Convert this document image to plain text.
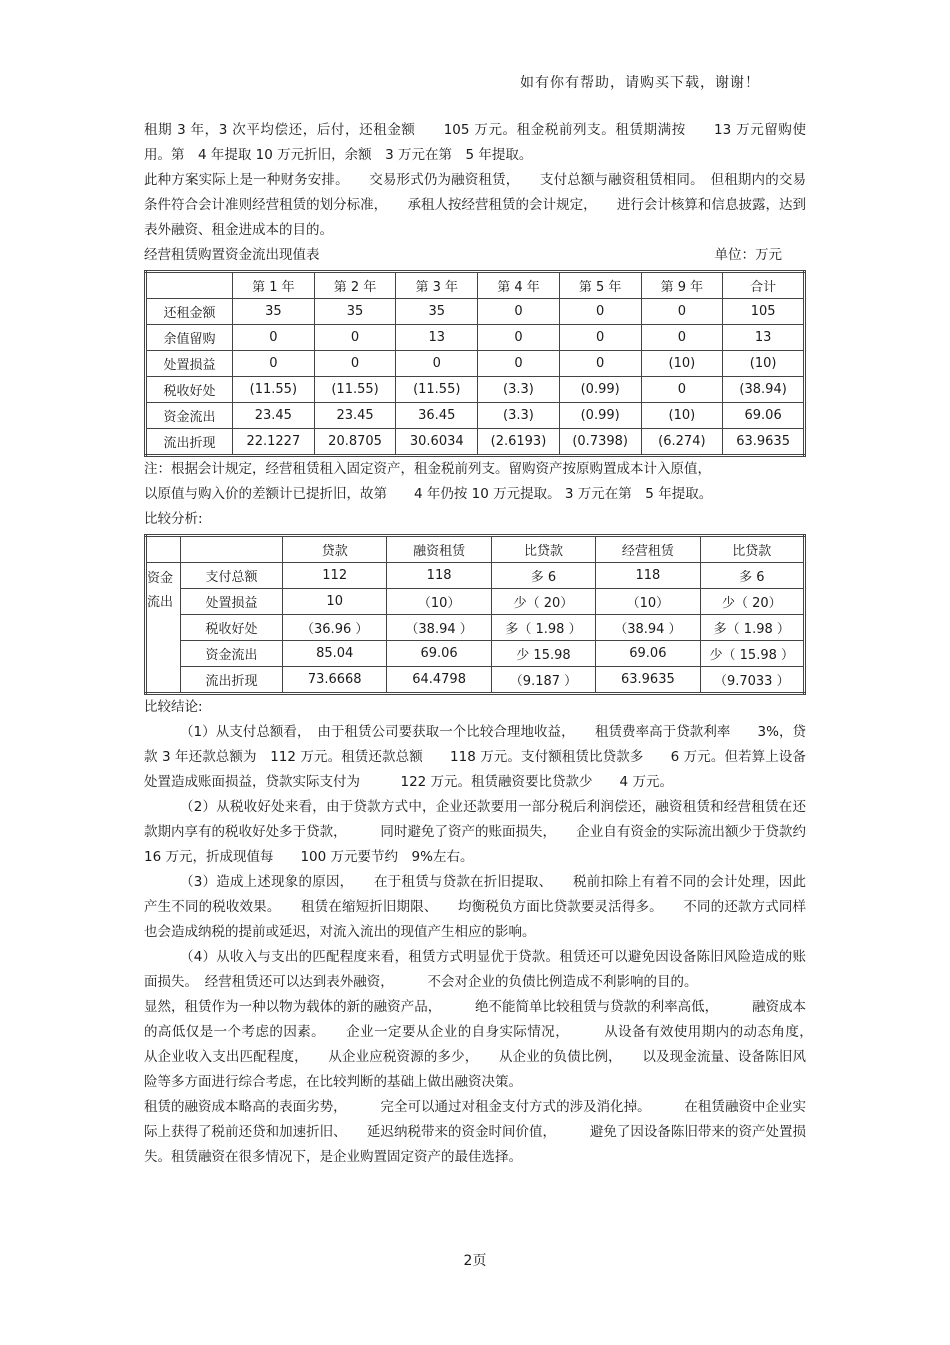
如有你有帮助，请购买下载，谢谢！

租期 3 年，3 次平均偿还，后付，还租金额　　105 万元。租金税前列支。租赁期满按　　13 万元留购使用。第　4 年提取 10 万元折旧，余额　3 万元在第　5 年提取。

此种方案实际上是一种财务安排。　　交易形式仍为融资租赁，　　支付总额与融资租赁相同。　但租期内的交易条件符合会计准则经营租赁的划分标准，　　承租人按经营租赁的会计规定，　　进行会计核算和信息披露，达到表外融资、租金进成本的目的。

经营租赁购置资金流出现值表	单位：万元
	第 1 年	第 2 年	第 3 年	第 4 年	第 5 年	第 9 年	合计
还租金额	35	35	35	0	0	0	105
余值留购	0	0	13	0	0	0	13
处置损益	0	0	0	0	0	(10)	(10)
税收好处	(11.55)	(11.55)	(11.55)	(3.3)	(0.99)	0	(38.94)
资金流出	23.45	23.45	36.45	(3.3)	(0.99)	(10)	69.06
流出折现	22.1227	20.8705	30.6034	(2.6193)	(0.7398)	(6.274)	63.9635

注：根据会计规定，经营租赁租入固定资产，租金税前列支。留购资产按原购置成本计入原值，

以原值与购入价的差额计已提折旧，故第　　4 年仍按 10 万元提取。 3 万元在第　5 年提取。

比较分析:

		贷款	融资租赁	比贷款	经营租赁	比贷款
资金流出	支付总额	112	118	多 6	118	多 6
	处置损益	10	（10）	少（ 20）	（10）	少（ 20）
	税收好处	（36.96 ）	（38.94 ）	多（ 1.98 ）	（38.94 ）	多（ 1.98 ）
	资金流出	85.04	69.06	少 15.98	69.06	少（ 15.98 ）
	流出折现	73.6668	64.4798	（9.187 ）	63.9635	（9.7033 ）

比较结论:

（1）从支付总额看，　由于租赁公司要获取一个比较合理地收益，　　租赁费率高于贷款利率　　3%，贷款 3 年还款总额为　112 万元。租赁还款总额　　118 万元。支付额租赁比贷款多　　6 万元。但若算上设备处置造成账面损益，贷款实际支付为　　　122 万元。租赁融资要比贷款少　　4 万元。

（2）从税收好处来看，由于贷款方式中，企业还款要用一部分税后利润偿还，融资租赁和经营租赁在还款期内享有的税收好处多于贷款，　　　同时避免了资产的账面损失，　　企业自有资金的实际流出额少于贷款约　　16 万元，折成现值每　　100 万元要节约　9%左右。

（3）造成上述现象的原因，　　在于租赁与贷款在折旧提取、　　税前扣除上有着不同的会计处理，因此产生不同的税收效果。　　租赁在缩短折旧期限、　　均衡税负方面比贷款要灵活得多。　　不同的还款方式同样也会造成纳税的提前或延迟，对流入流出的现值产生相应的影响。

（4）从收入与支出的匹配程度来看，租赁方式明显优于贷款。租赁还可以避免因设备陈旧风险造成的账面损失。　经营租赁还可以达到表外融资，　　　不会对企业的负债比例造成不利影响的目的。

显然，租赁作为一种以物为载体的新的融资产品，　　　绝不能简单比较租赁与贷款的利率高低，　　　融资成本的高低仅是一个考虑的因素。　　企业一定要从企业的自身实际情况，　　　从设备有效使用期内的动态角度，　从企业收入支出匹配程度，　　从企业应税资源的多少，　　从企业的负债比例，　　以及现金流量、设备陈旧风险等多方面进行综合考虑，在比较判断的基础上做出融资决策。

租赁的融资成本略高的表面劣势，　　　完全可以通过对租金支付方式的涉及消化掉。　　　在租赁融资中企业实际上获得了税前还贷和加速折旧、　　延迟纳税带来的资金时间价值，　　　避免了因设备陈旧带来的资产处置损失。租赁融资在很多情况下，是企业购置固定资产的最佳选择。

2页
